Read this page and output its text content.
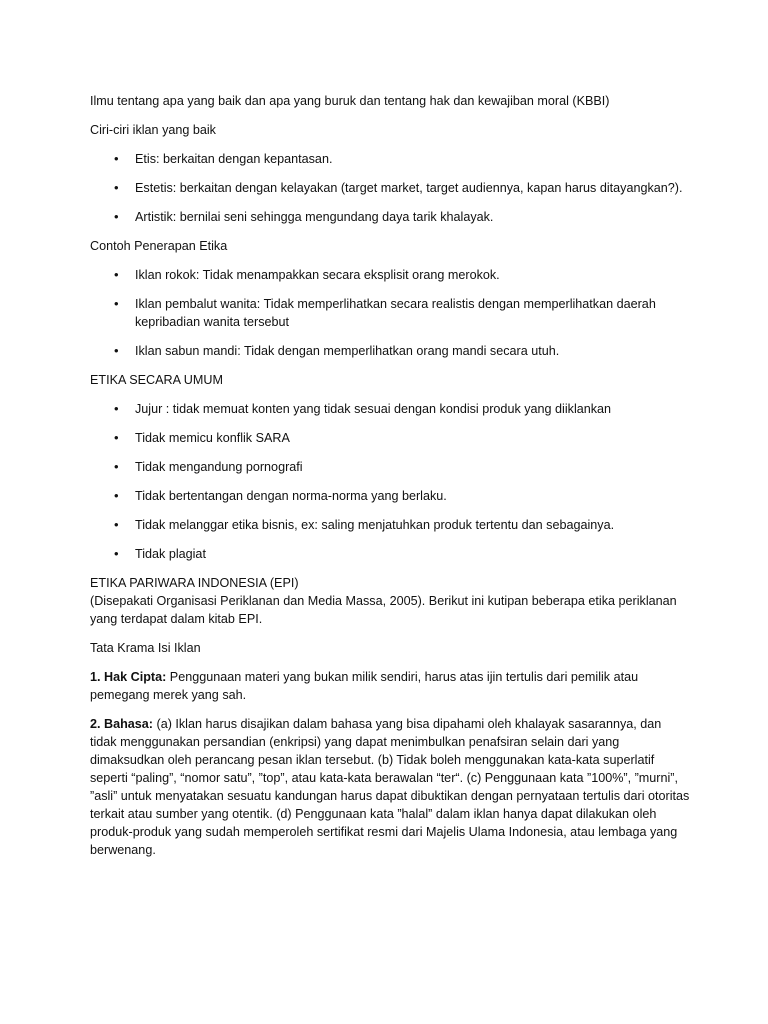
Ilmu tentang apa yang baik dan apa yang buruk dan tentang hak dan kewajiban moral (KBBI)

Ciri-ciri iklan yang baik

• Etis: berkaitan dengan kepantasan.
• Estetis: berkaitan dengan kelayakan (target market, target audiennya, kapan harus ditayangkan?).
• Artistik: bernilai seni sehingga mengundang daya tarik khalayak.

Contoh Penerapan Etika

• Iklan rokok: Tidak menampakkan secara eksplisit orang merokok.
• Iklan pembalut wanita: Tidak memperlihatkan secara realistis dengan memperlihatkan daerah kepribadian wanita tersebut
• Iklan sabun mandi: Tidak dengan memperlihatkan orang mandi secara utuh.

ETIKA SECARA UMUM

• Jujur : tidak memuat konten yang tidak sesuai dengan kondisi produk yang diiklankan
• Tidak memicu konflik SARA
• Tidak mengandung pornografi
• Tidak bertentangan dengan norma-norma yang berlaku.
• Tidak melanggar etika bisnis, ex: saling menjatuhkan produk tertentu dan sebagainya.
• Tidak plagiat

ETIKA PARIWARA INDONESIA (EPI)

(Disepakati Organisasi Periklanan dan Media Massa, 2005). Berikut ini kutipan beberapa etika periklanan yang terdapat dalam kitab EPI.

Tata Krama Isi Iklan

1. Hak Cipta: Penggunaan materi yang bukan milik sendiri, harus atas ijin tertulis dari pemilik atau pemegang merek yang sah.

2. Bahasa: (a) Iklan harus disajikan dalam bahasa yang bisa dipahami oleh khalayak sasarannya, dan tidak menggunakan persandian (enkripsi) yang dapat menimbulkan penafsiran selain dari yang dimaksudkan oleh perancang pesan iklan tersebut. (b) Tidak boleh menggunakan kata-kata superlatif seperti “paling”, “nomor satu”, ”top”, atau kata-kata berawalan “ter“. (c) Penggunaan kata ”100%”, ”murni”, ”asli” untuk menyatakan sesuatu kandungan harus dapat dibuktikan dengan pernyataan tertulis dari otoritas terkait atau sumber yang otentik. (d) Penggunaan kata ”halal” dalam iklan hanya dapat dilakukan oleh produk-produk yang sudah memperoleh sertifikat resmi dari Majelis Ulama Indonesia, atau lembaga yang berwenang.
